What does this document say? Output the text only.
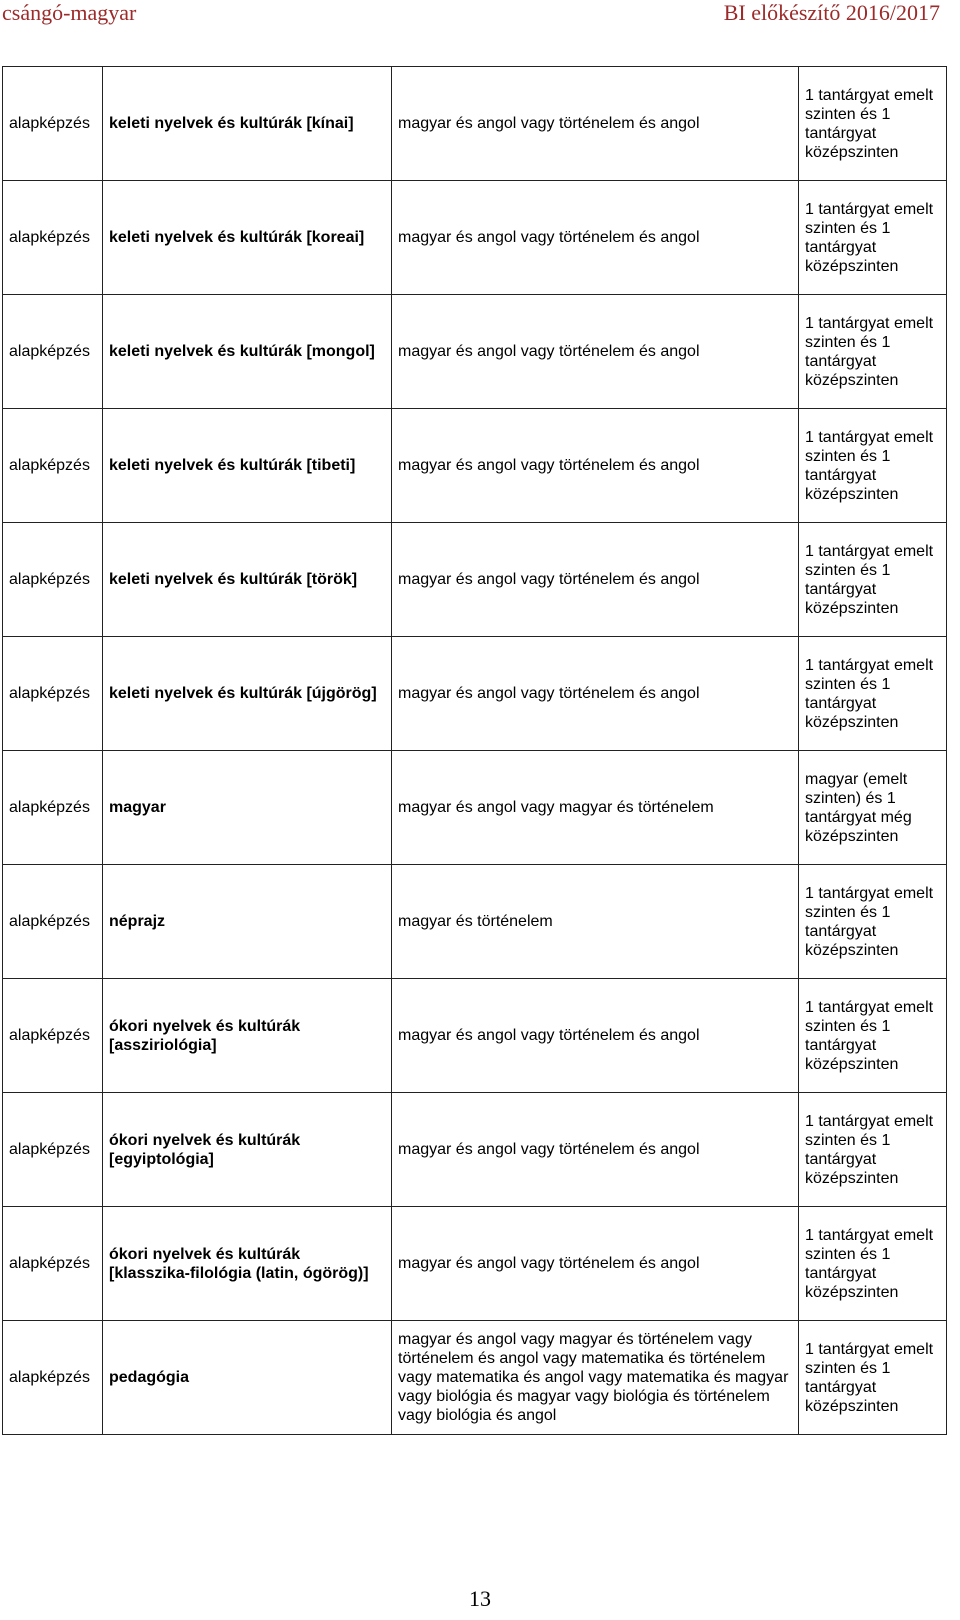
csángó-magyar	BI előkészítő 2016/2017
alapképzés	keleti nyelvek és kultúrák [kínai]	magyar és angol vagy történelem és angol	1 tantárgyat emelt szinten és 1 tantárgyat középszinten
alapképzés	keleti nyelvek és kultúrák [koreai]	magyar és angol vagy történelem és angol	1 tantárgyat emelt szinten és 1 tantárgyat középszinten
alapképzés	keleti nyelvek és kultúrák [mongol]	magyar és angol vagy történelem és angol	1 tantárgyat emelt szinten és 1 tantárgyat középszinten
alapképzés	keleti nyelvek és kultúrák [tibeti]	magyar és angol vagy történelem és angol	1 tantárgyat emelt szinten és 1 tantárgyat középszinten
alapképzés	keleti nyelvek és kultúrák [török]	magyar és angol vagy történelem és angol	1 tantárgyat emelt szinten és 1 tantárgyat középszinten
alapképzés	keleti nyelvek és kultúrák [újgörög]	magyar és angol vagy történelem és angol	1 tantárgyat emelt szinten és 1 tantárgyat középszinten
alapképzés	magyar	magyar és angol vagy magyar és történelem	magyar (emelt szinten) és 1 tantárgyat még középszinten
alapképzés	néprajz	magyar és történelem	1 tantárgyat emelt szinten és 1 tantárgyat középszinten
alapképzés	ókori nyelvek és kultúrák [assziriológia]	magyar és angol vagy történelem és angol	1 tantárgyat emelt szinten és 1 tantárgyat középszinten
alapképzés	ókori nyelvek és kultúrák [egyiptológia]	magyar és angol vagy történelem és angol	1 tantárgyat emelt szinten és 1 tantárgyat középszinten
alapképzés	ókori nyelvek és kultúrák [klasszika-filológia (latin, ógörög)]	magyar és angol vagy történelem és angol	1 tantárgyat emelt szinten és 1 tantárgyat középszinten
alapképzés	pedagógia	magyar és angol vagy magyar és történelem vagy történelem és angol vagy matematika és történelem vagy matematika és angol vagy matematika és magyar vagy biológia és magyar vagy biológia és történelem vagy biológia és angol	1 tantárgyat emelt szinten és 1 tantárgyat középszinten
13
